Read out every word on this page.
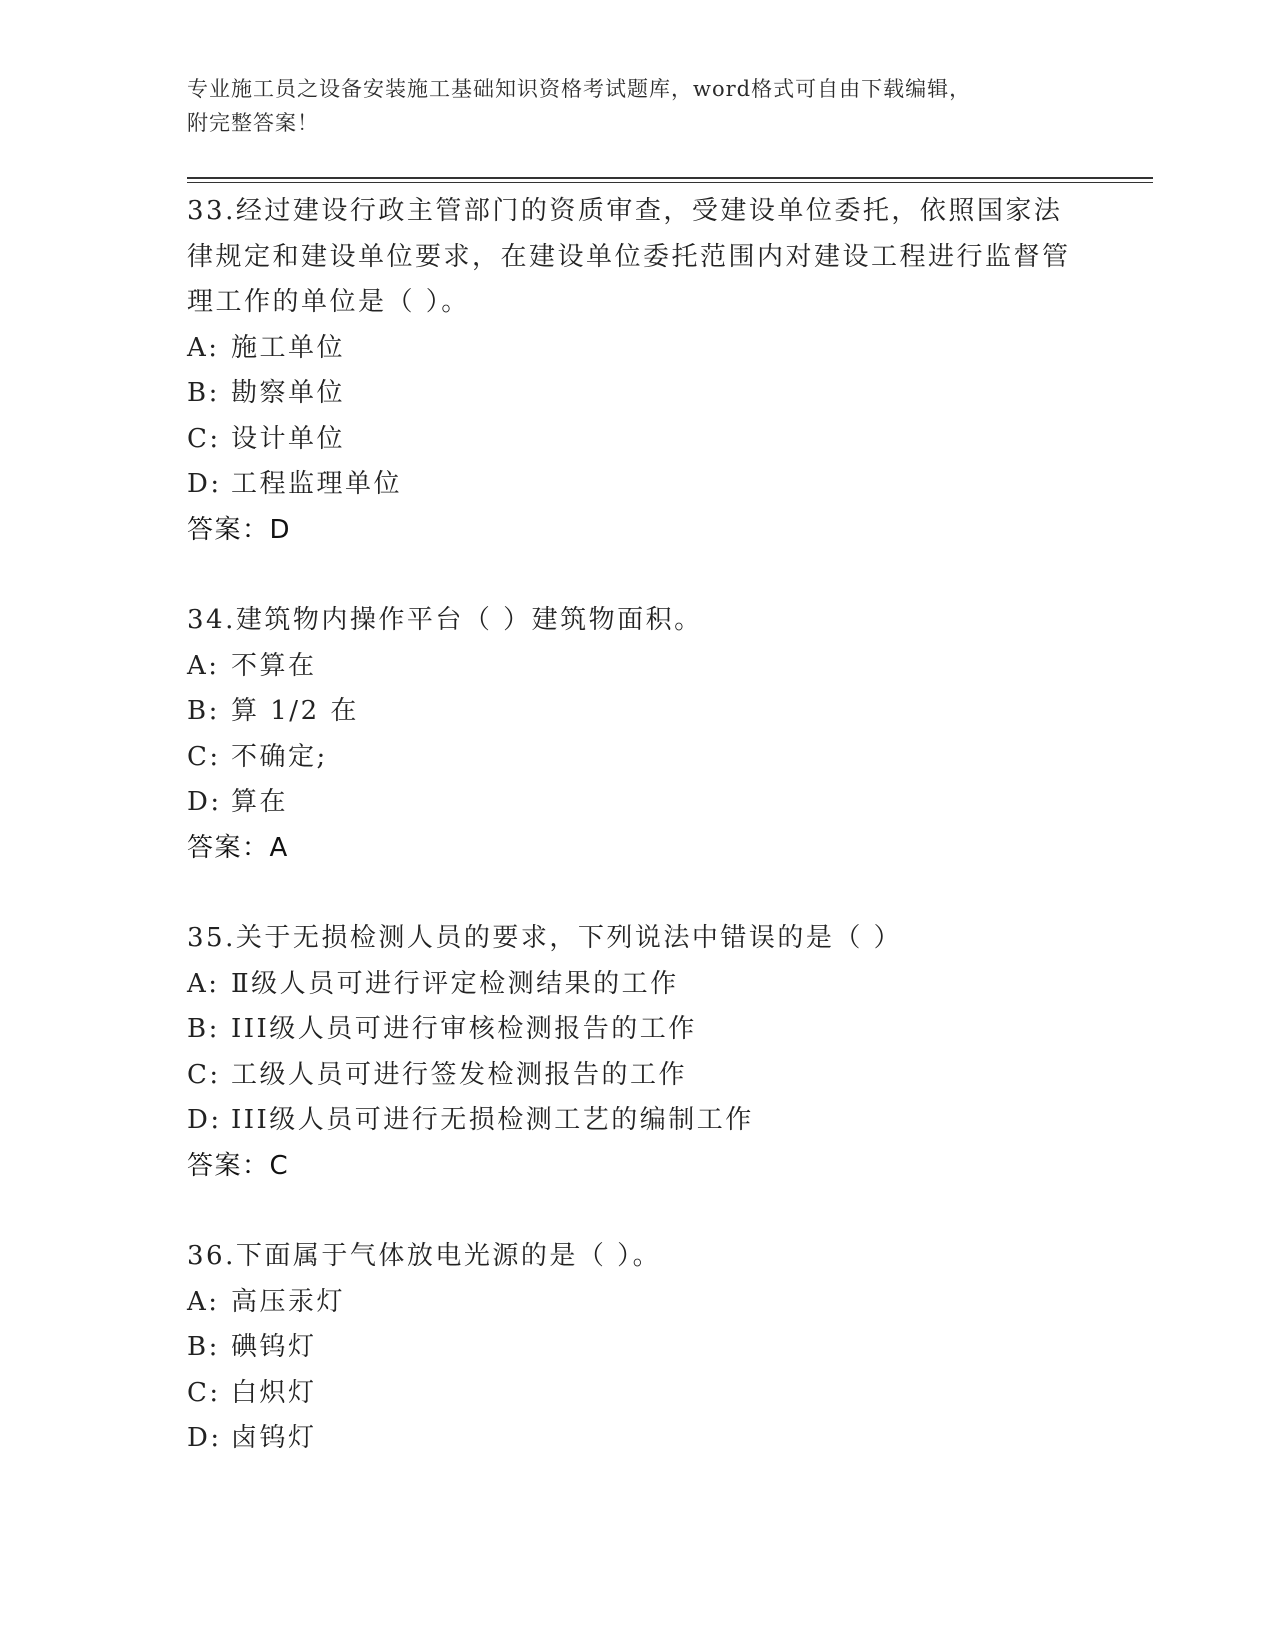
专业施工员之设备安装施工基础知识资格考试题库，word格式可自由下载编辑，
附完整答案！

33.经过建设行政主管部门的资质审查，受建设单位委托，依照国家法律规定和建设单位要求，在建设单位委托范围内对建设工程进行监督管理工作的单位是（ ）。

A: 施工单位

B: 勘察单位

C: 设计单位

D: 工程监理单位

答案：D

34.建筑物内操作平台（ ）建筑物面积。

A: 不算在

B: 算 1/2 在

C: 不确定;

D: 算在

答案：A

35.关于无损检测人员的要求，下列说法中错误的是（ ）

A: Ⅱ级人员可进行评定检测结果的工作

B: III级人员可进行审核检测报告的工作

C: 工级人员可进行签发检测报告的工作

D: III级人员可进行无损检测工艺的编制工作

答案：C

36.下面属于气体放电光源的是（ ）。

A: 高压汞灯

B: 碘钨灯

C: 白炽灯

D: 卤钨灯
